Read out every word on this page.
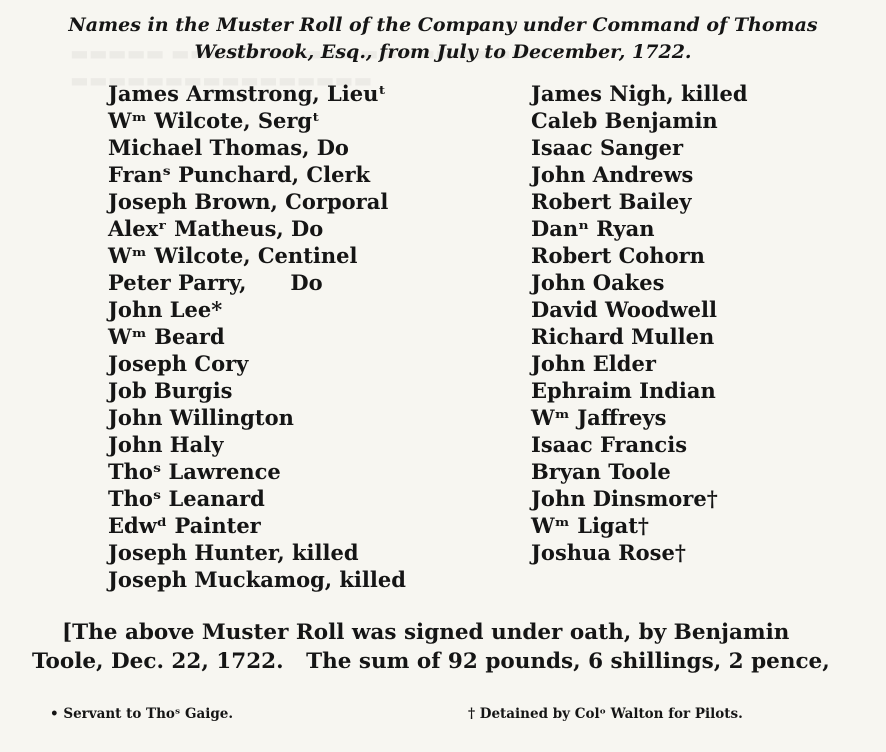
Names in the Muster Roll of the Company under Command of Thomas
Westbrook, Esq., from July to December, 1722.
James Armstrong, Lieuᵗ
Wᵐ Wilcote, Sergᵗ
Michael Thomas, Do
Franˢ Punchard, Clerk
Joseph Brown, Corporal
Alexʳ Matheus, Do
Wᵐ Wilcote, Centinel
Peter Parry,      Do
John Lee*
Wᵐ Beard
Joseph Cory
Job Burgis
John Willington
John Haly
Thoˢ Lawrence
Thoˢ Leanard
Edwᵈ Painter
Joseph Hunter, killed
Joseph Muckamog, killed
James Nigh, killed
Caleb Benjamin
Isaac Sanger
John Andrews
Robert Bailey
Danⁿ Ryan
Robert Cohorn
John Oakes
David Woodwell
Richard Mullen
John Elder
Ephraim Indian
Wᵐ Jaffreys
Isaac Francis
Bryan Toole
John Dinsmore†
Wᵐ Ligat†
Joshua Rose†
[The above Muster Roll was signed under oath, by Benjamin
Toole, Dec. 22, 1722.   The sum of 92 pounds, 6 shillings, 2 pence,
• Servant to Thoˢ Gaige.	† Detained by Colᵒ Walton for Pilots.
